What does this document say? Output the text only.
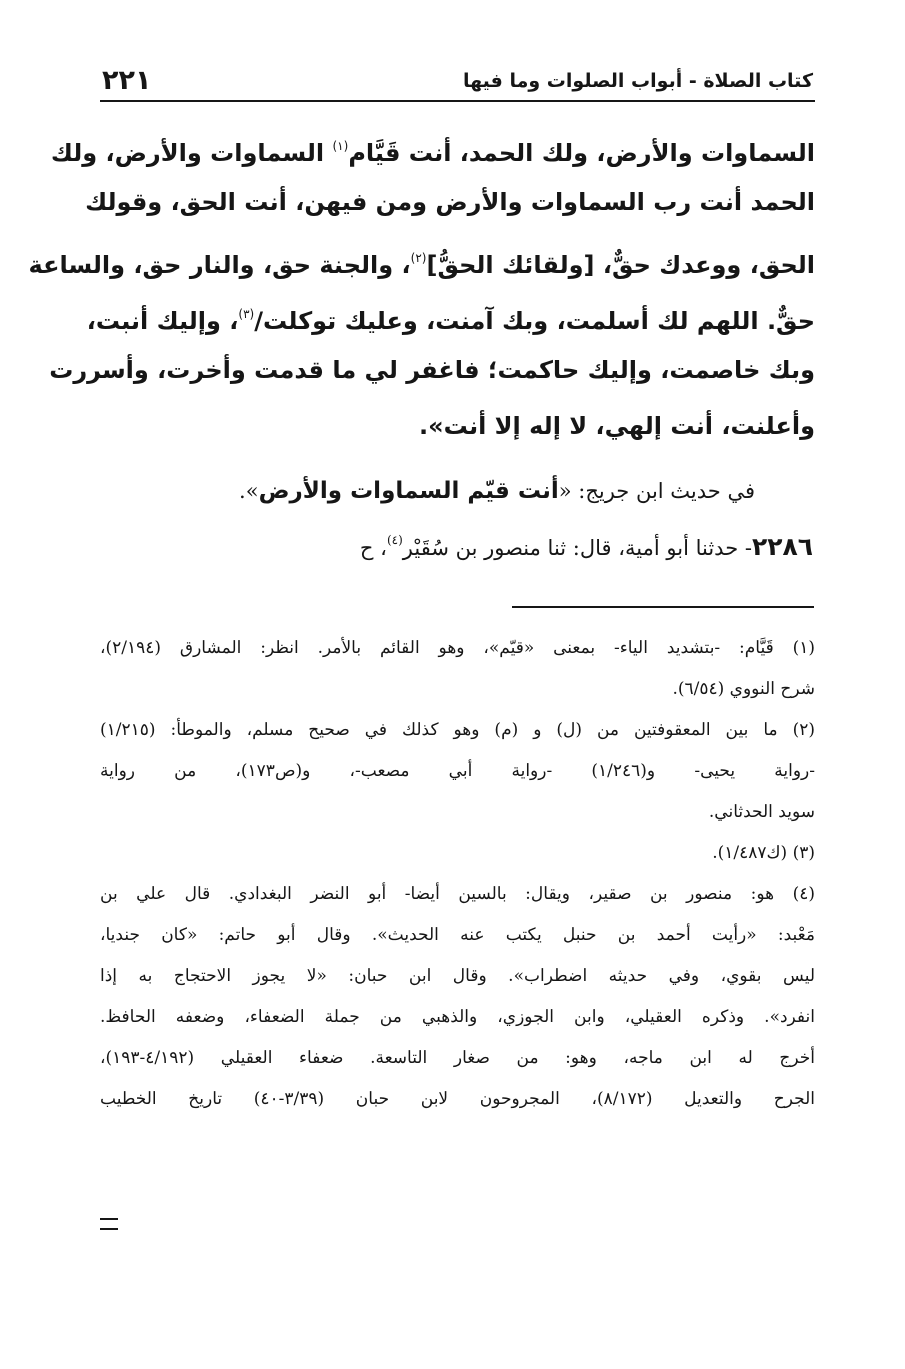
٢٢١	كتاب الصلاة - أبواب الصلوات وما فيها
السماوات والأرض، ولك الحمد، أنت قَيَّام$^{(١)}$ السماوات والأرض، ولك
الحمد أنت رب السماوات والأرض ومن فيهن، أنت الحق، وقولك
الحق، ووعدك حقٌّ، [ولقائك الحقُّ]$^{(٢)}$، والجنة حق، والنار حق، والساعة
حقٌّ. اللهم لك أسلمت، وبك آمنت، وعليك توكلت/$^{(٣)}$، وإليك أنبت،
وبك خاصمت، وإليك حاكمت؛ فاغفر لي ما قدمت وأخرت، وأسررت
وأعلنت، أنت إلهي، لا إله إلا أنت».
في حديث ابن جريج: «أنت قيّم السماوات والأرض».
٢٢٨٦- حدثنا أبو أمية، قال: ثنا منصور بن سُقَيْر$^{(٤)}$، ح
(١) قَيَّام: -بتشديد الياء- بمعنى «قيّم»، وهو القائم بالأمر. انظر: المشارق (٢/١٩٤)،
شرح النووي (٦/٥٤).
(٢) ما بين المعقوفتين من (ل) و (م) وهو كذلك في صحيح مسلم، والموطأ: (١/٢١٥)
-رواية يحيى- و(١/٢٤٦) -رواية أبي مصعب-، و(ص١٧٣)، من رواية
سويد الحدثاني.
(٣) (ك١/٤٨٧).
(٤) هو: منصور بن صقير، ويقال: بالسين أيضا- أبو النضر البغدادي. قال علي بن
مَعْبد: «رأيت أحمد بن حنبل يكتب عنه الحديث». وقال أبو حاتم: «كان جنديا،
ليس بقوي، وفي حديثه اضطراب». وقال ابن حبان: «لا يجوز الاحتجاج به إذا
انفرد». وذكره العقيلي، وابن الجوزي، والذهبي من جملة الضعفاء، وضعفه الحافظ.
أخرج له ابن ماجه، وهو: من صغار التاسعة. ضعفاء العقيلي (٤/١٩٢-١٩٣)،
الجرح والتعديل (٨/١٧٢)، المجروحون لابن حبان (٣/٣٩-٤٠) تاريخ الخطيب
